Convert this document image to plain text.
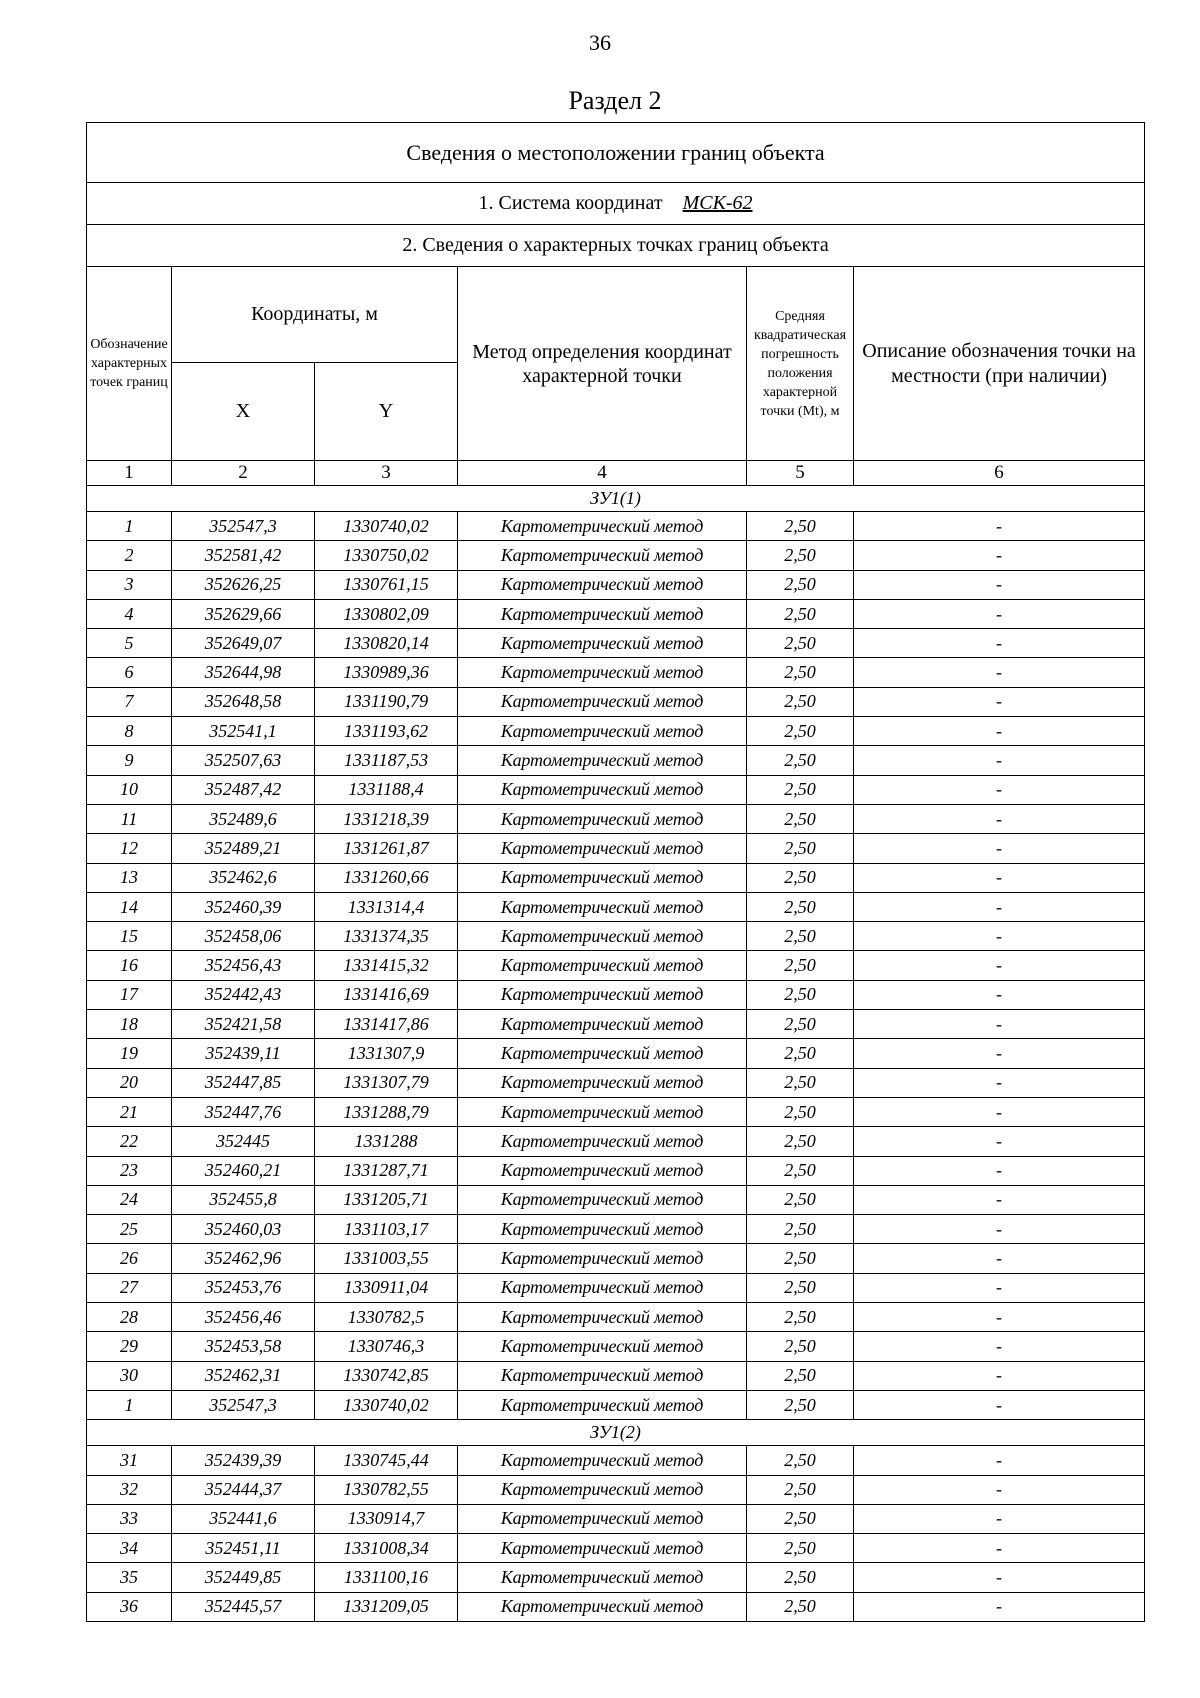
36
Раздел 2
Сведения о местоположении границ объекта					
1. Система координат МСК-62					
2. Сведения о характерных точках границ объекта					
Обозначение характерных точек границ	Координаты, м		Метод определения координат характерной точки	Средняя квадратическая погрешность положения характерной точки (Mt), м	Описание обозначения точки на местности (при наличии)
	X	Y			
1	2	3	4	5	6
ЗУ1(1)					
1	352547,3	1330740,02	Картометрический метод	2,50	-
2	352581,42	1330750,02	Картометрический метод	2,50	-
3	352626,25	1330761,15	Картометрический метод	2,50	-
4	352629,66	1330802,09	Картометрический метод	2,50	-
5	352649,07	1330820,14	Картометрический метод	2,50	-
6	352644,98	1330989,36	Картометрический метод	2,50	-
7	352648,58	1331190,79	Картометрический метод	2,50	-
8	352541,1	1331193,62	Картометрический метод	2,50	-
9	352507,63	1331187,53	Картометрический метод	2,50	-
10	352487,42	1331188,4	Картометрический метод	2,50	-
11	352489,6	1331218,39	Картометрический метод	2,50	-
12	352489,21	1331261,87	Картометрический метод	2,50	-
13	352462,6	1331260,66	Картометрический метод	2,50	-
14	352460,39	1331314,4	Картометрический метод	2,50	-
15	352458,06	1331374,35	Картометрический метод	2,50	-
16	352456,43	1331415,32	Картометрический метод	2,50	-
17	352442,43	1331416,69	Картометрический метод	2,50	-
18	352421,58	1331417,86	Картометрический метод	2,50	-
19	352439,11	1331307,9	Картометрический метод	2,50	-
20	352447,85	1331307,79	Картометрический метод	2,50	-
21	352447,76	1331288,79	Картометрический метод	2,50	-
22	352445	1331288	Картометрический метод	2,50	-
23	352460,21	1331287,71	Картометрический метод	2,50	-
24	352455,8	1331205,71	Картометрический метод	2,50	-
25	352460,03	1331103,17	Картометрический метод	2,50	-
26	352462,96	1331003,55	Картометрический метод	2,50	-
27	352453,76	1330911,04	Картометрический метод	2,50	-
28	352456,46	1330782,5	Картометрический метод	2,50	-
29	352453,58	1330746,3	Картометрический метод	2,50	-
30	352462,31	1330742,85	Картометрический метод	2,50	-
1	352547,3	1330740,02	Картометрический метод	2,50	-
ЗУ1(2)					
31	352439,39	1330745,44	Картометрический метод	2,50	-
32	352444,37	1330782,55	Картометрический метод	2,50	-
33	352441,6	1330914,7	Картометрический метод	2,50	-
34	352451,11	1331008,34	Картометрический метод	2,50	-
35	352449,85	1331100,16	Картометрический метод	2,50	-
36	352445,57	1331209,05	Картометрический метод	2,50	-
